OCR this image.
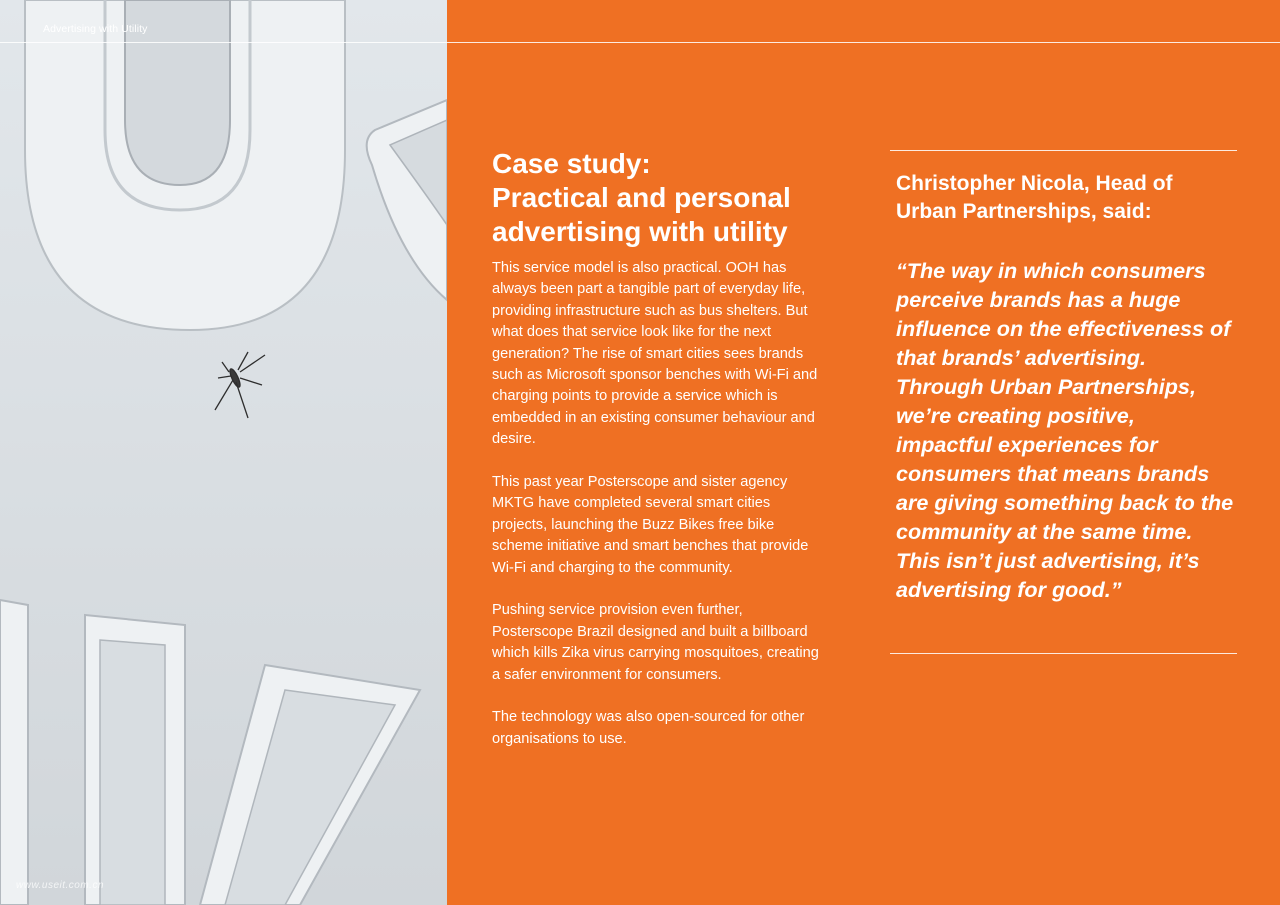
Advertising with Utility
Case study:
Practical and personal
advertising with utility

This service model is also practical. OOH has always been part a tangible part of everyday life, providing infrastructure such as bus shelters. But what does that service look like for the next generation? The rise of smart cities sees brands such as Microsoft sponsor benches with Wi-Fi and charging points to provide a service which is embedded in an existing consumer behaviour and desire.

This past year Posterscope and sister agency MKTG have completed several smart cities projects, launching the Buzz Bikes free bike scheme initiative and smart benches that provide Wi-Fi and charging to the community.

Pushing service provision even further, Posterscope Brazil designed and built a billboard which kills Zika virus carrying mosquitoes, creating a safer environment for consumers.

The technology was also open-sourced for other organisations to use.

Christopher Nicola, Head of Urban Partnerships, said:

“The way in which consumers perceive brands has a huge influence on the effectiveness of that brands’ advertising. Through Urban Partnerships, we’re creating positive, impactful experiences for consumers that means brands are giving something back to the community at the same time. This isn’t just advertising, it’s advertising for good.”

www.useit.com.cn
